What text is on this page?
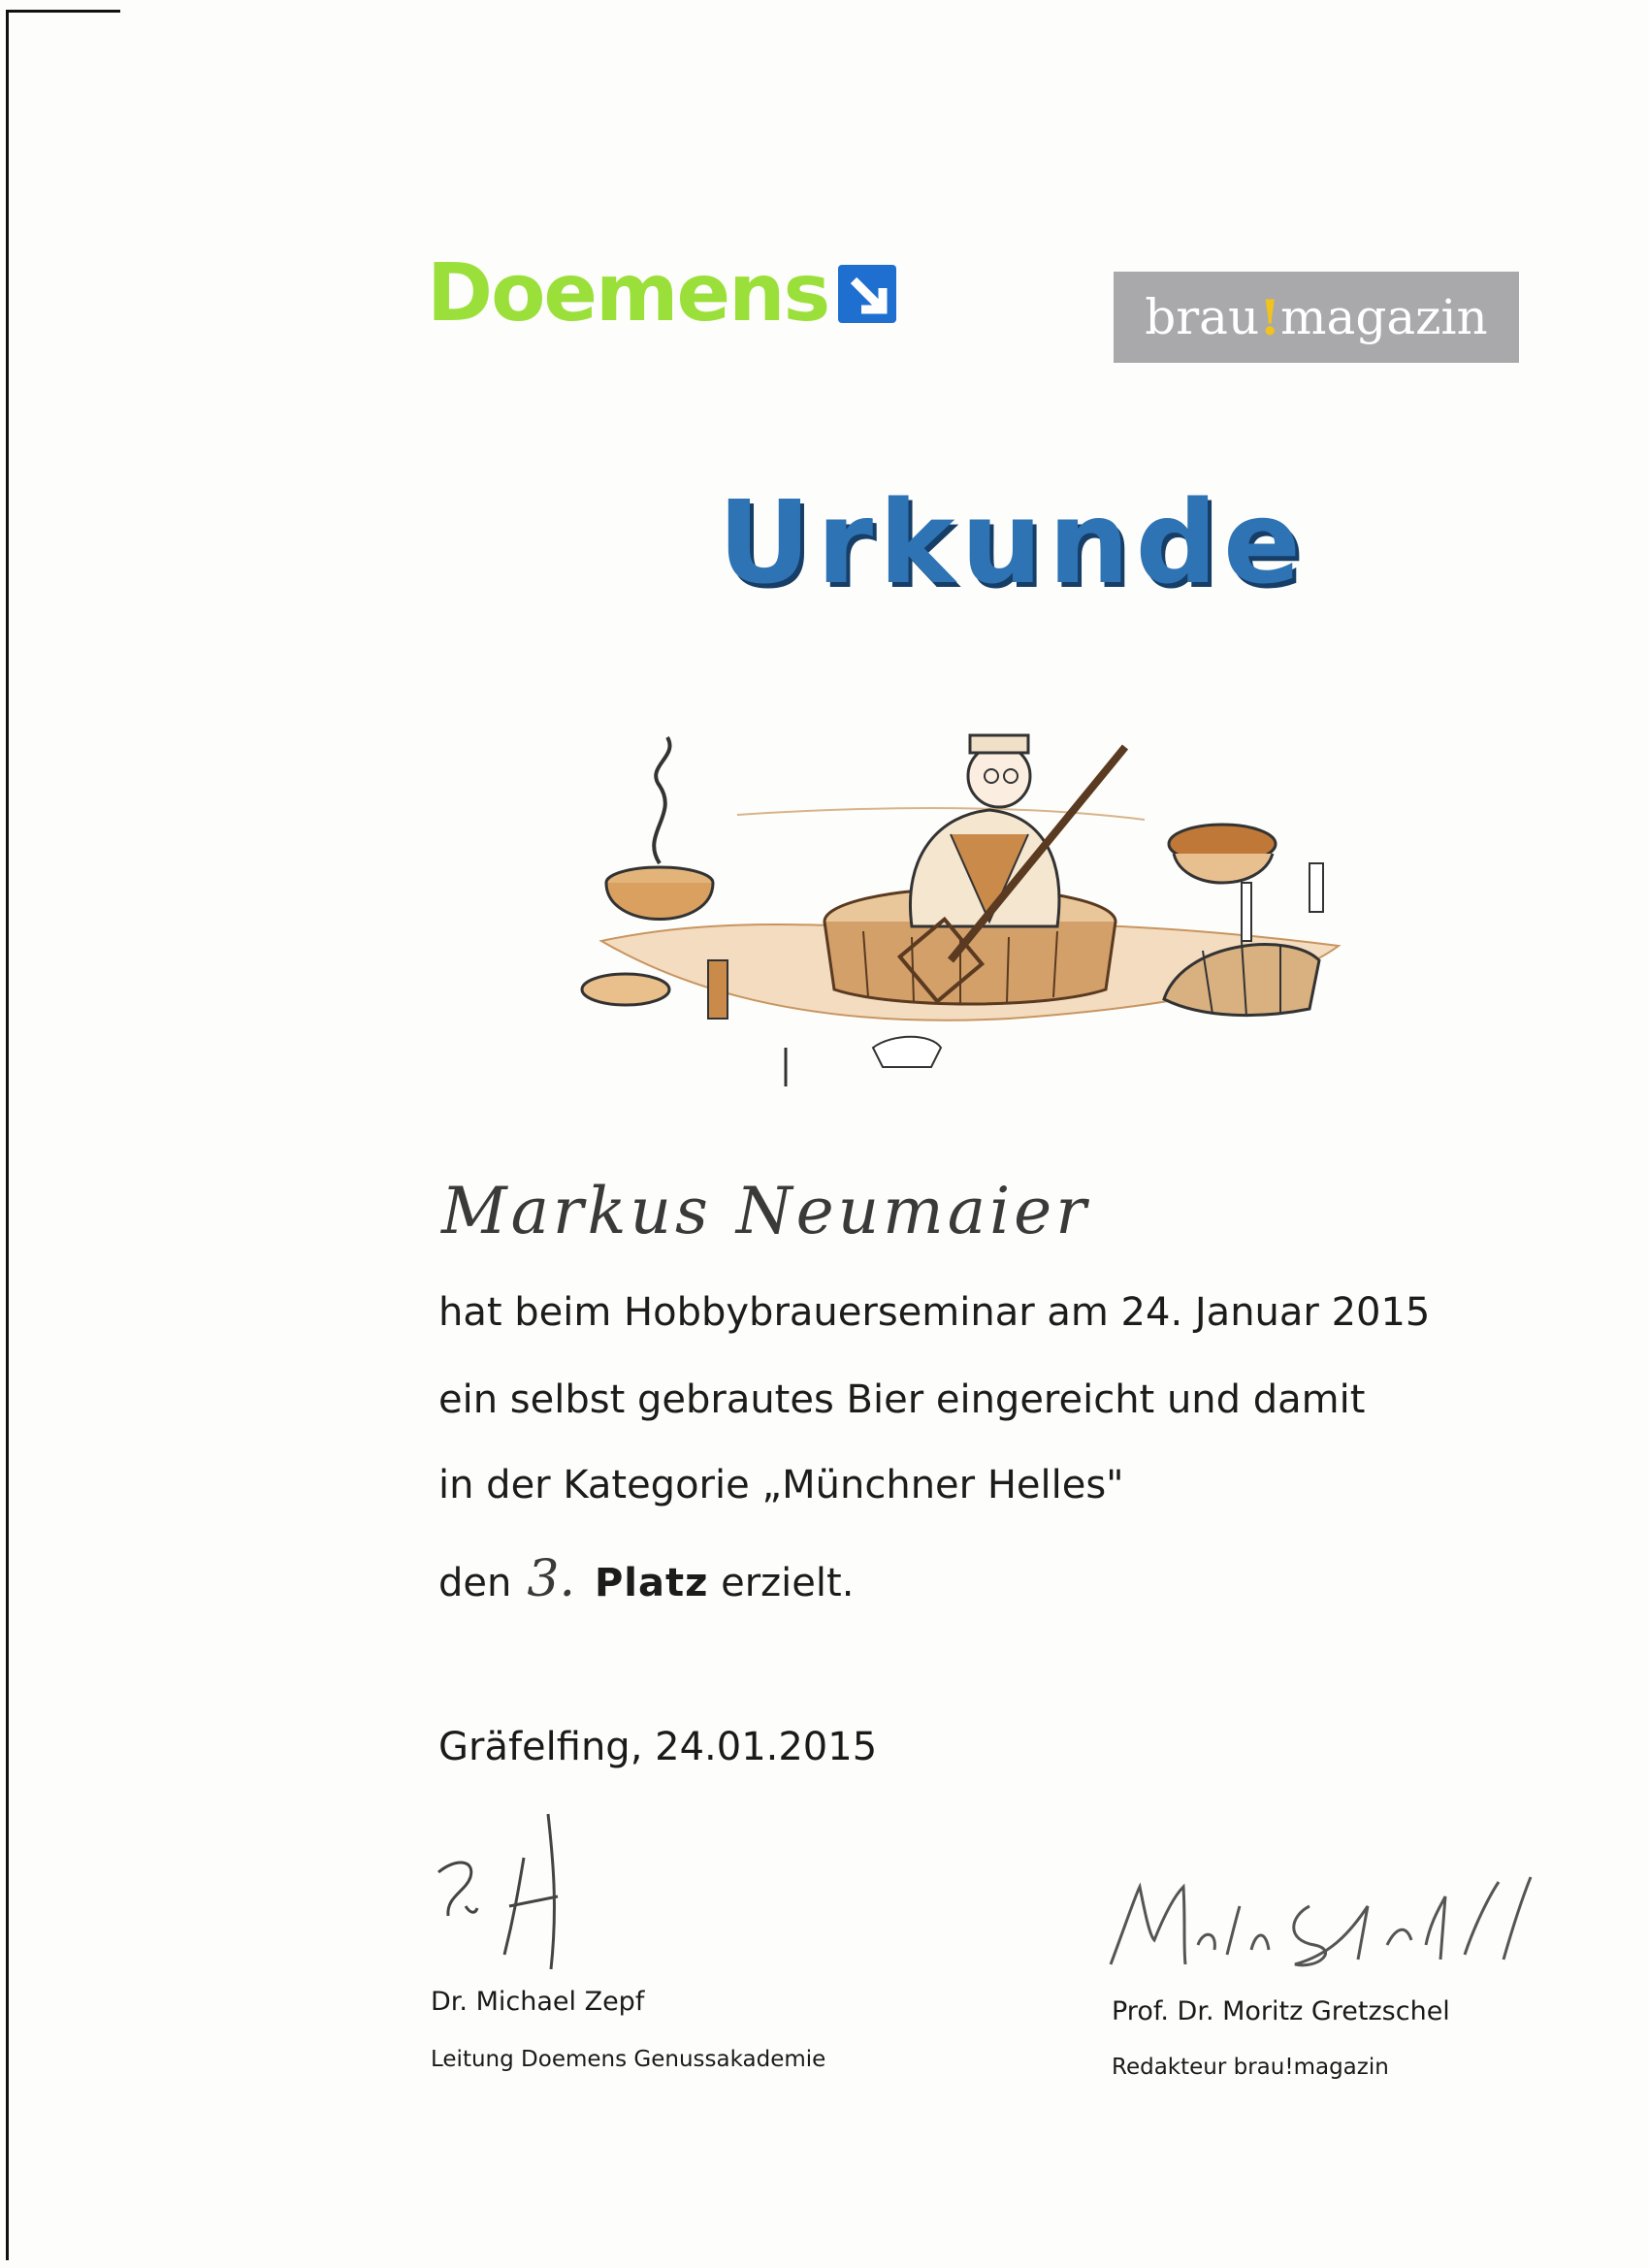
Doemens	brau ! magazin
Urkunde
Markus Neumaier
hat beim Hobbybrauerseminar am 24. Januar 2015
ein selbst gebrautes Bier eingereicht und damit
in der Kategorie „Münchner Helles"
den 3. Platz erzielt.
Gräfelfing, 24.01.2015
Dr. Michael Zepf
Leitung Doemens Genussakademie
Prof. Dr. Moritz Gretzschel
Redakteur brau!magazin
